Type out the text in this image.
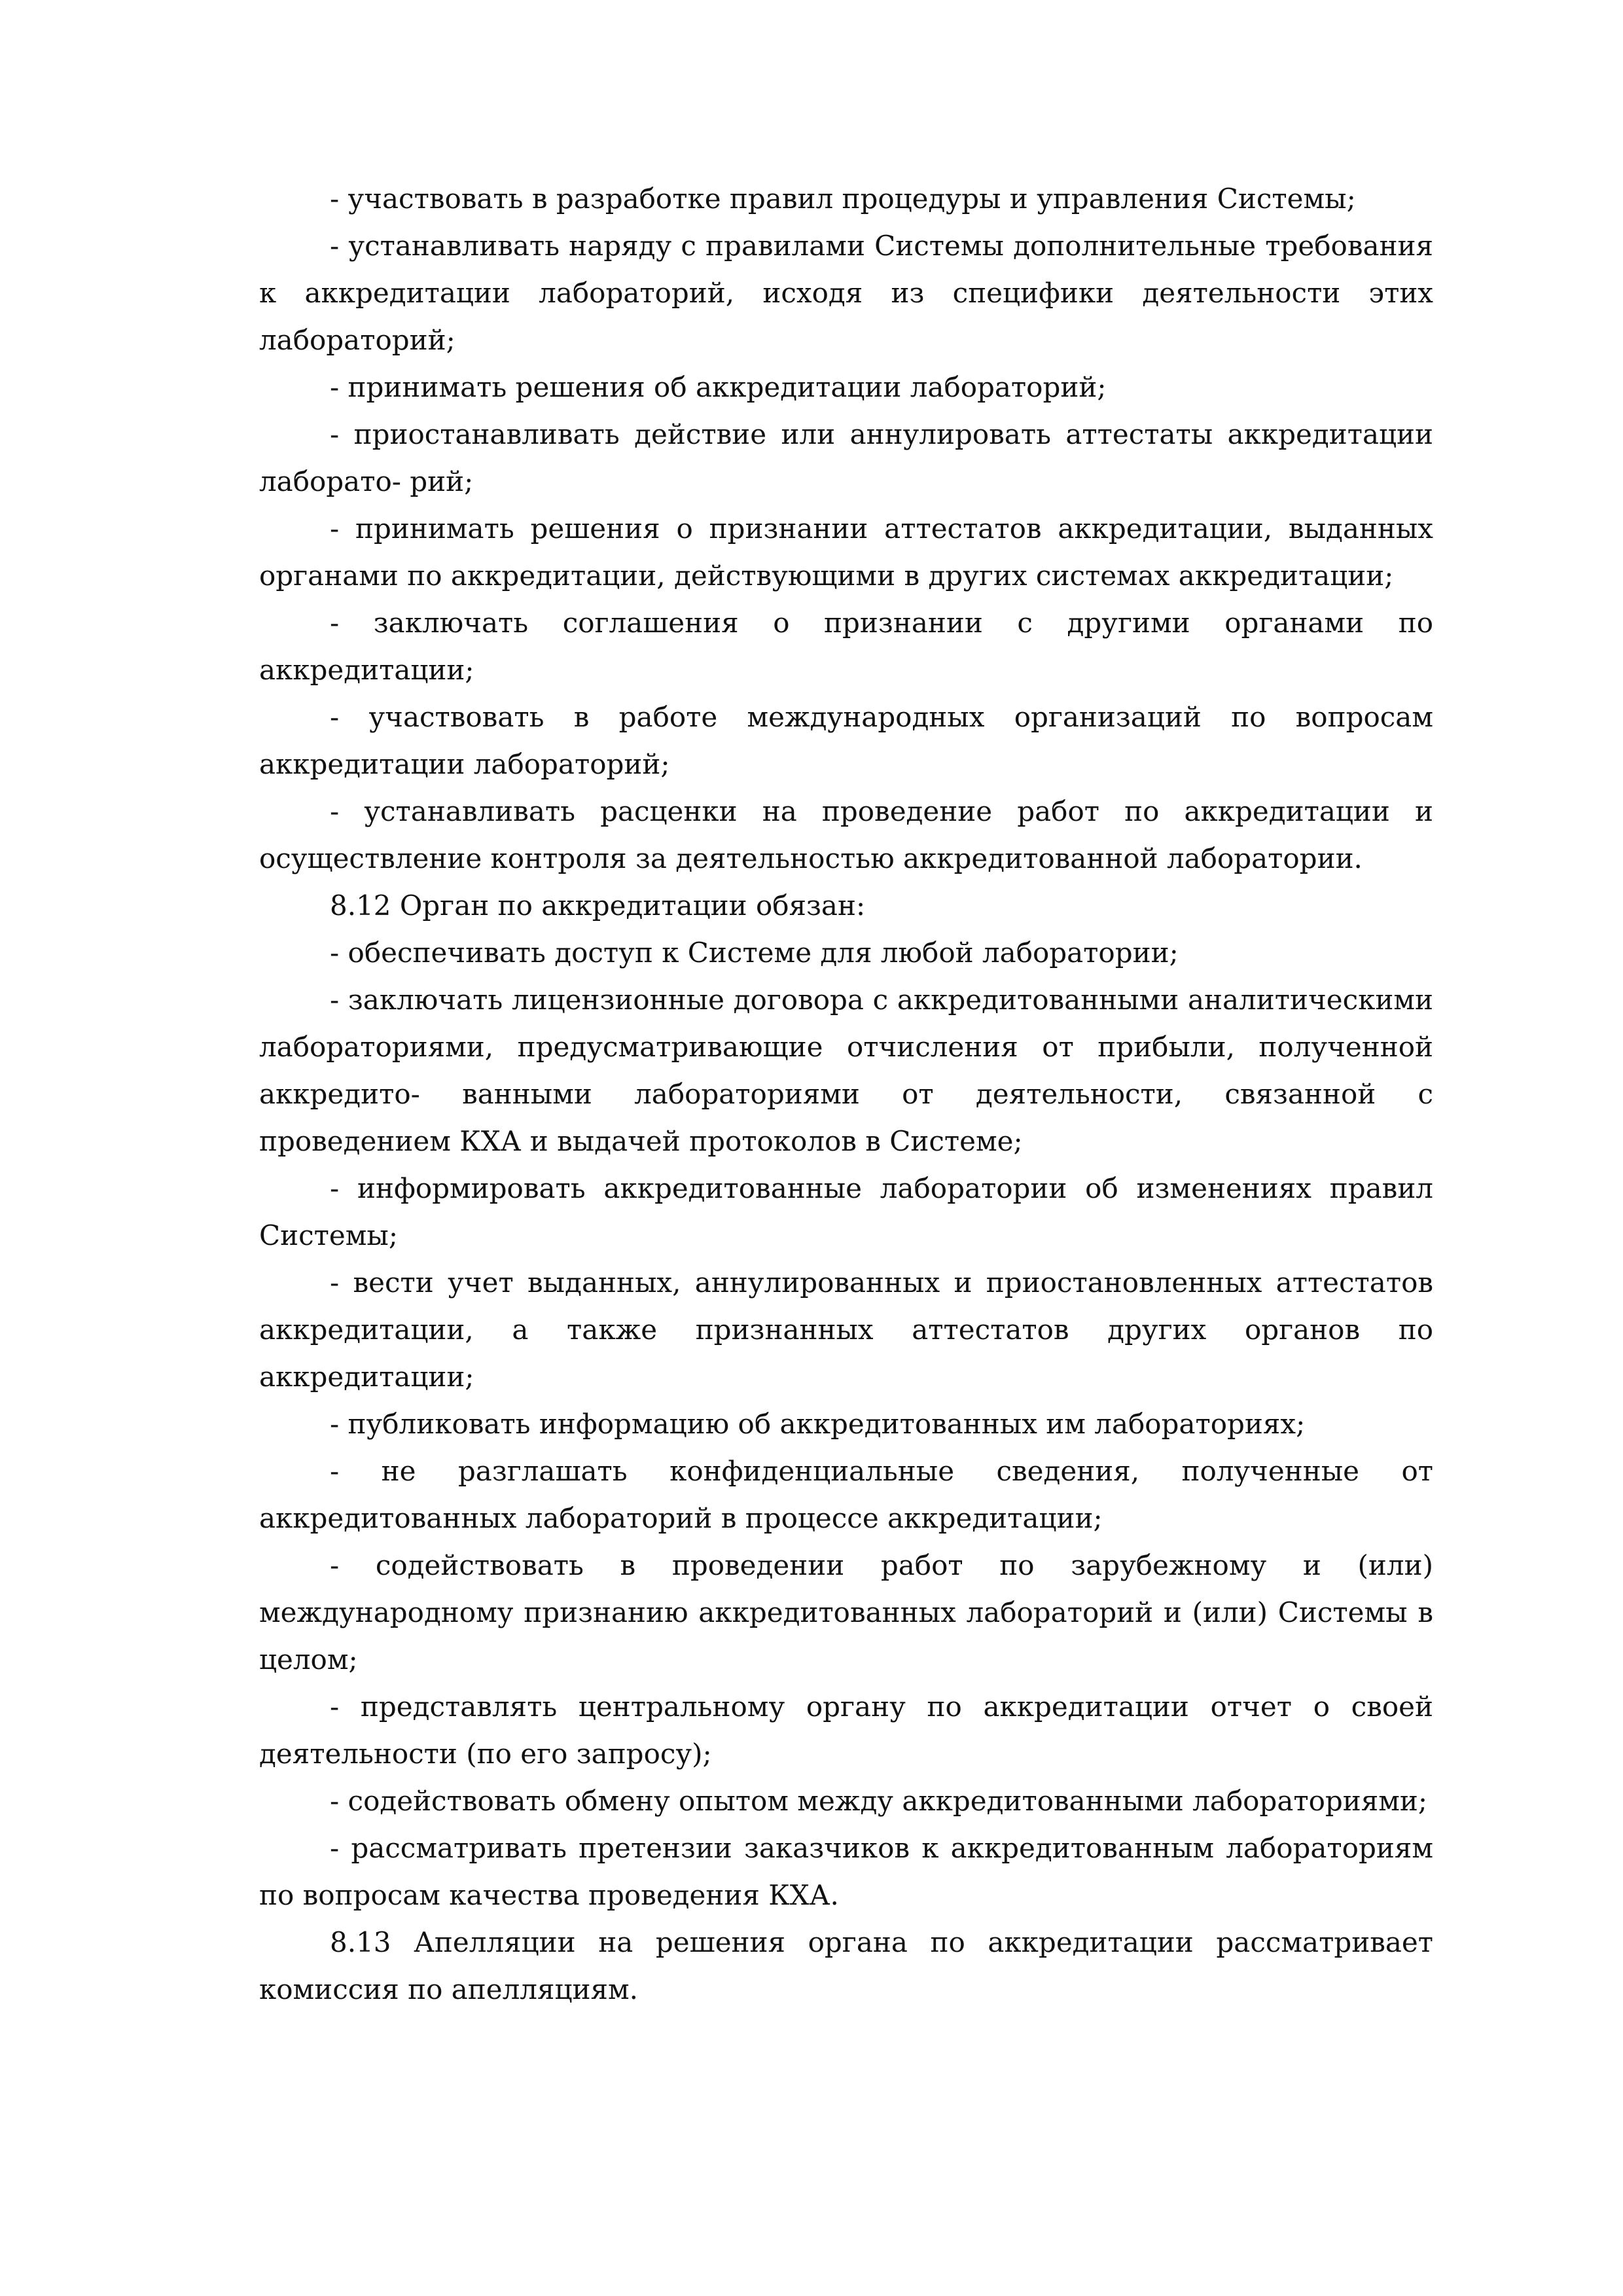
- участвовать в разработке правил процедуры и управления Системы;

- устанавливать наряду с правилами Системы дополнительные требования к аккредитации лабораторий, исходя из специфики деятельности этих лабораторий;

- принимать решения об аккредитации лабораторий;

- приостанавливать действие или аннулировать аттестаты аккредитации лаборато- рий;

- принимать решения о признании аттестатов аккредитации, выданных органами по аккредитации, действующими в других системах аккредитации;

- заключать соглашения о признании с другими органами по аккредитации;

- участвовать в работе международных организаций по вопросам аккредитации лабораторий;

- устанавливать расценки на проведение работ по аккредитации и осуществление контроля за деятельностью аккредитованной лаборатории.

8.12 Орган по аккредитации обязан:

- обеспечивать доступ к Системе для любой лаборатории;

- заключать лицензионные договора с аккредитованными аналитическими лабораториями, предусматривающие отчисления от прибыли, полученной аккредито- ванными лабораториями от деятельности, связанной с проведением КХА и выдачей протоколов в Системе;

- информировать аккредитованные лаборатории об изменениях правил Системы;

- вести учет выданных, аннулированных и приостановленных аттестатов аккредитации, а также признанных аттестатов других органов по аккредитации;

- публиковать информацию об аккредитованных им лабораториях;

- не разглашать конфиденциальные сведения, полученные от аккредитованных лабораторий в процессе аккредитации;

- содействовать в проведении работ по зарубежному и (или) международному признанию аккредитованных лабораторий и (или) Системы в целом;

- представлять центральному органу по аккредитации отчет о своей деятельности (по его запросу);

- содействовать обмену опытом между аккредитованными лабораториями;

- рассматривать претензии заказчиков к аккредитованным лабораториям по вопросам качества проведения КХА.

8.13 Апелляции на решения органа по аккредитации рассматривает комиссия по апелляциям.
